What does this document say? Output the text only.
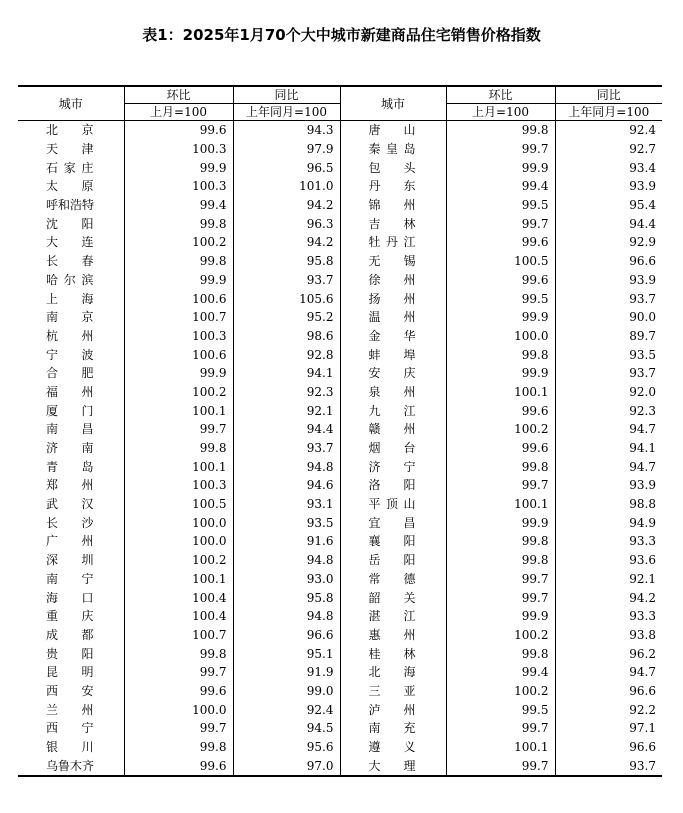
表1：2025年1月70个大中城市新建商品住宅销售价格指数
城市	环比	同比	城市	环比	同比
	上月=100	上年同月=100		上月=100	上年同月=100
北京	99.6	94.3	唐山	99.8	92.4
天津	100.3	97.9	秦皇岛	99.7	92.7
石家庄	99.9	96.5	包头	99.9	93.4
太原	100.3	101.0	丹东	99.4	93.9
呼和浩特	99.4	94.2	锦州	99.5	95.4
沈阳	99.8	96.3	吉林	99.7	94.4
大连	100.2	94.2	牡丹江	99.6	92.9
长春	99.8	95.8	无锡	100.5	96.6
哈尔滨	99.9	93.7	徐州	99.6	93.9
上海	100.6	105.6	扬州	99.5	93.7
南京	100.7	95.2	温州	99.9	90.0
杭州	100.3	98.6	金华	100.0	89.7
宁波	100.6	92.8	蚌埠	99.8	93.5
合肥	99.9	94.1	安庆	99.9	93.7
福州	100.2	92.3	泉州	100.1	92.0
厦门	100.1	92.1	九江	99.6	92.3
南昌	99.7	94.4	赣州	100.2	94.7
济南	99.8	93.7	烟台	99.6	94.1
青岛	100.1	94.8	济宁	99.8	94.7
郑州	100.3	94.6	洛阳	99.7	93.9
武汉	100.5	93.1	平顶山	100.1	98.8
长沙	100.0	93.5	宜昌	99.9	94.9
广州	100.0	91.6	襄阳	99.8	93.3
深圳	100.2	94.8	岳阳	99.8	93.6
南宁	100.1	93.0	常德	99.7	92.1
海口	100.4	95.8	韶关	99.7	94.2
重庆	100.4	94.8	湛江	99.9	93.3
成都	100.7	96.6	惠州	100.2	93.8
贵阳	99.8	95.1	桂林	99.8	96.2
昆明	99.7	91.9	北海	99.4	94.7
西安	99.6	99.0	三亚	100.2	96.6
兰州	100.0	92.4	泸州	99.5	92.2
西宁	99.7	94.5	南充	99.7	97.1
银川	99.8	95.6	遵义	100.1	96.6
乌鲁木齐	99.6	97.0	大理	99.7	93.7
